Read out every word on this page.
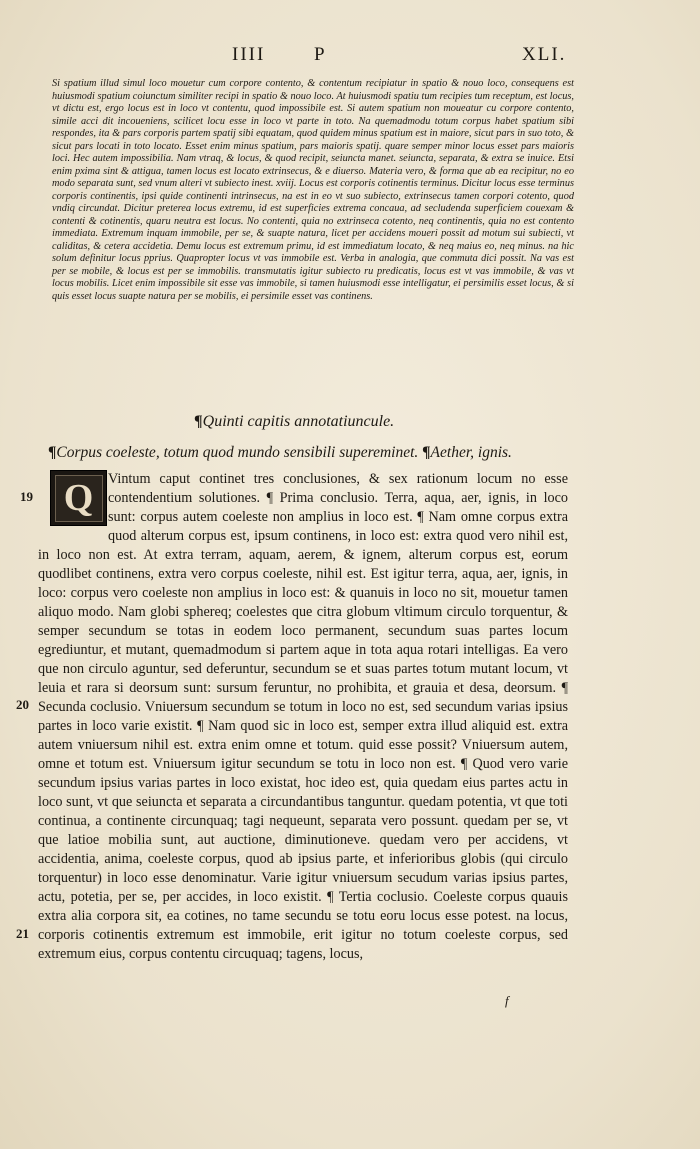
IIII	P	XLI.

Si spatium illud simul loco mouetur cum corpore contento, & contentum recipiatur in spatio & nouo loco, consequens est huiusmodi spatium coiunctum similiter recipi in spatio & nouo loco. At huiusmodi spatiu tum recipies tum receptum, est locus, vt dictu est, ergo locus est in loco vt contentu, quod impossibile est. Si autem spatium non moueatur cu corpore contento, simile acci dit incoueniens, scilicet locu esse in loco vt parte in toto. Na quemadmodu totum corpus habet spatium sibi respondes, ita & pars corporis partem spatij sibi equatam, quod quidem minus spatium est in maiore, sicut pars in suo toto, & sicut pars locati in toto locato. Esset enim minus spatium, pars maioris spatij. quare semper minor locus esset pars maioris loci. Hec autem impossibilia. Nam vtraq, & locus, & quod recipit, seiuncta manet. seiuncta, separata, & extra se inuice. Etsi enim pxima sint & attigua, tamen locus est locato extrinsecus, & e diuerso. Materia vero, & forma que ab ea recipitur, no eo modo separata sunt, sed vnum alteri vt subiecto inest. xviij. Locus est corporis cotinentis terminus. Dicitur locus esse terminus corporis continentis, ipsi quide continenti intrinsecus, na est in eo vt suo subiecto, extrinsecus tamen corpori cotento, quod vndiq circundat. Dicitur preterea locus extremu, id est superficies extrema concaua, ad secludenda superficiem couexam & contenti & cotinentis, quaru neutra est locus. No contenti, quia no extrinseca cotento, neq continentis, quia no est contento immediata. Extremum inquam immobile, per se, & suapte natura, licet per accidens moueri possit ad motum sui subiecti, vt caliditas, & cetera accidetia. Demu locus est extremum primu, id est immediatum locato, & neq maius eo, neq minus. na hic solum definitur locus pprius. Quapropter locus vt vas immobile est. Verba in analogia, que commuta dici possit. Na vas est per se mobile, & locus est per se immobilis. transmutatis igitur subiecto ru predicatis, locus est vt vas immobile, & vas vt locus mobilis. Licet enim impossibile sit esse vas immobile, si tamen huiusmodi esse intelligatur, ei persimilis esset locus, & si quis esset locus suapte natura per se mobilis, ei persimile esset vas continens.

¶Quinti capitis annotatiuncule.
¶Corpus coeleste, totum quod mundo sensibili supereminet. ¶Aether, ignis.

Vintum caput continet tres conclusiones, & sex rationum locum no esse contendentium solutiones. ¶ Prima conclusio. Terra, aqua, aer, ignis, in loco sunt: corpus autem coeleste non amplius in loco est. ¶ Nam omne corpus extra quod alterum corpus est, ipsum continens, in loco est: extra quod vero nihil est, in loco non est. At extra terram, aquam, aerem, & ignem, alterum corpus est, eorum quodlibet continens, extra vero corpus coeleste, nihil est. Est igitur terra, aqua, aer, ignis, in loco: corpus vero coeleste non amplius in loco est: & quanuis in loco no sit, mouetur tamen aliquo modo. Nam globi sphereq; coelestes que citra globum vltimum circulo torquentur, & semper secundum se totas in eodem loco permanent, secundum suas partes locum egrediuntur, et mutant, quemadmodum si partem aque in tota aqua rotari intelligas. Ea vero que non circulo aguntur, sed deferuntur, secundum se et suas partes totum mutant locum, vt leuia et rara si deorsum sunt: sursum feruntur, no prohibita, et grauia et desa, deorsum. ¶ Secunda coclusio. Vniuersum secundum se totum in loco no est, sed secundum varias ipsius partes in loco varie existit. ¶ Nam quod sic in loco est, semper extra illud aliquid est. extra autem vniuersum nihil est. extra enim omne et totum. quid esse possit? Vniuersum autem, omne et totum est. Vniuersum igitur secundum se totu in loco non est. ¶ Quod vero varie secundum ipsius varias partes in loco existat, hoc ideo est, quia quedam eius partes actu in loco sunt, vt que seiuncta et separata a circundantibus tanguntur. quedam potentia, vt que toti continua, a continente circunquaq; tagi nequeunt, separata vero possunt. quedam per se, vt que latioe mobilia sunt, aut auctione, diminutioneve. quedam vero per accidens, vt accidentia, anima, coeleste corpus, quod ab ipsius parte, et inferioribus globis (qui circulo torquentur) in loco esse denominatur. Varie igitur vniuersum secudum varias ipsius partes, actu, potetia, per se, per accides, in loco existit. ¶ Tertia coclusio. Coeleste corpus quauis extra alia corpora sit, ea cotines, no tame secundu se totu eoru locus esse potest. na locus, corporis cotinentis extremum est immobile, erit igitur no totum coeleste corpus, sed extremum eius, corpus contentu circuquaq; tagens, locus,

Q
19
20
21
f
